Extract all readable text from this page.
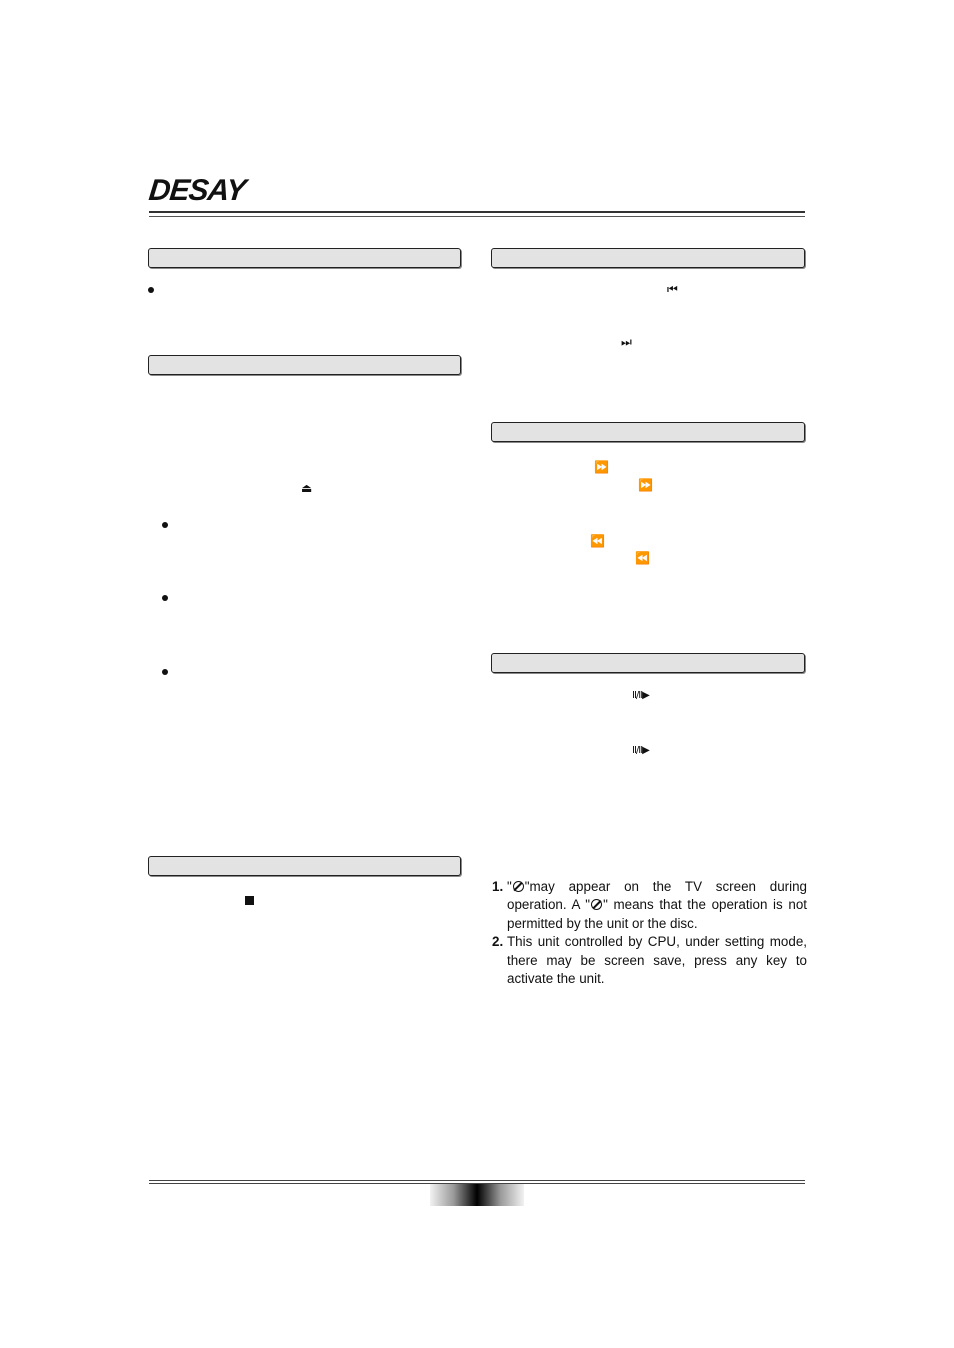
DESAY
⏏
⏮
⏭
⏩
⏩
⏪
⏪
II/II▶
II/II▶
1. " "may appear on the TV screen during operation. A " " means that the operation is not permitted by the unit or the disc.
2. This unit controlled by CPU, under setting mode, there may be screen save, press any key to activate the unit.
